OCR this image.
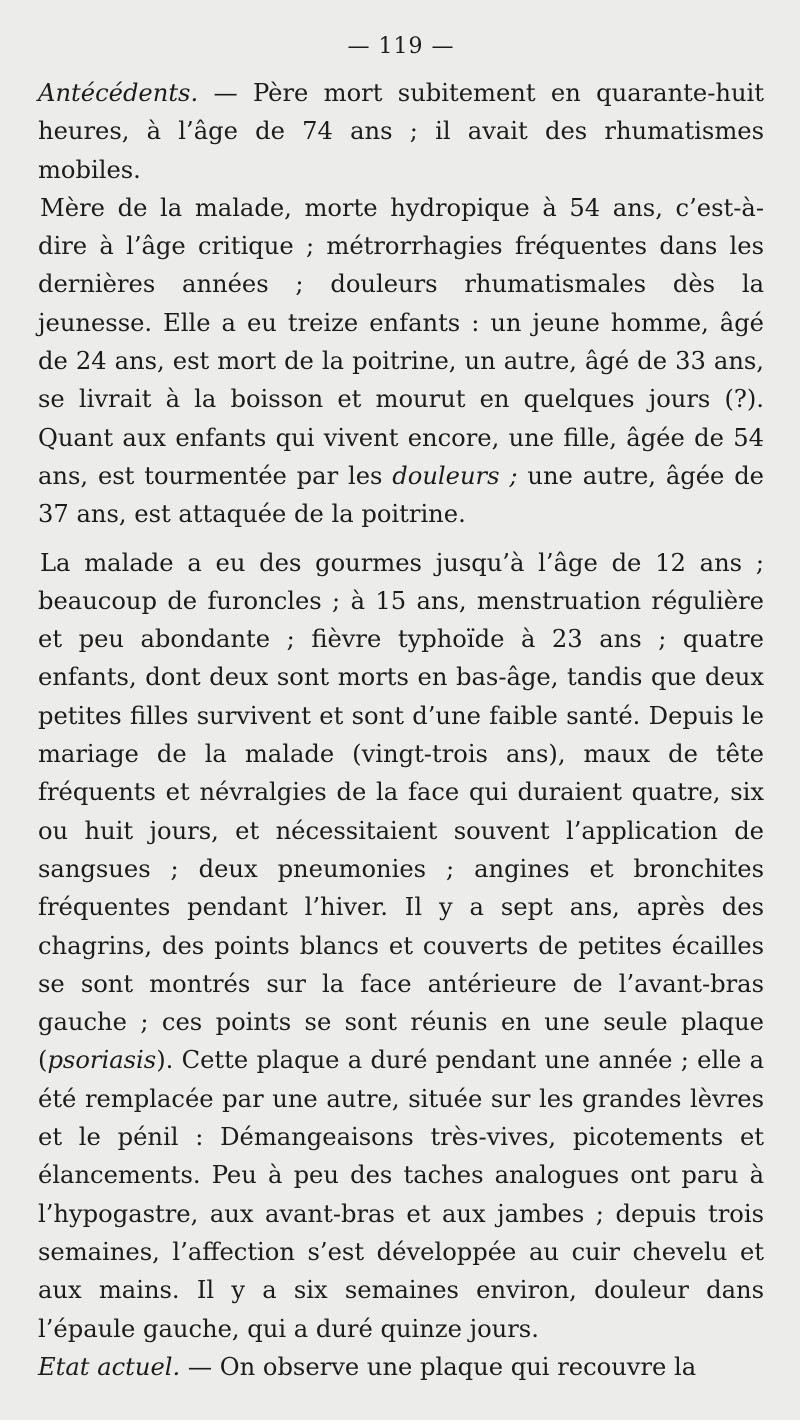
— 119 —

Antécédents. — Père mort subitement en quarante-huit heures, à l’âge de 74 ans ; il avait des rhumatismes mobiles.

Mère de la malade, morte hydropique à 54 ans, c’est-à-dire à l’âge critique ; métrorrhagies fréquentes dans les dernières années ; douleurs rhumatismales dès la jeunesse. Elle a eu treize enfants : un jeune homme, âgé de 24 ans, est mort de la poitrine, un autre, âgé de 33 ans, se livrait à la boisson et mourut en quelques jours (?). Quant aux enfants qui vivent encore, une fille, âgée de 54 ans, est tourmentée par les douleurs ; une autre, âgée de 37 ans, est attaquée de la poitrine.

La malade a eu des gourmes jusqu’à l’âge de 12 ans ; beaucoup de furoncles ; à 15 ans, menstruation régulière et peu abondante ; fièvre typhoïde à 23 ans ; quatre enfants, dont deux sont morts en bas-âge, tandis que deux petites filles survivent et sont d’une faible santé. Depuis le mariage de la malade (vingt-trois ans), maux de tête fréquents et névralgies de la face qui duraient quatre, six ou huit jours, et nécessitaient souvent l’application de sangsues ; deux pneumonies ; angines et bronchites fréquentes pendant l’hiver. Il y a sept ans, après des chagrins, des points blancs et couverts de petites écailles se sont montrés sur la face antérieure de l’avant-bras gauche ; ces points se sont réunis en une seule plaque (psoriasis). Cette plaque a duré pendant une année ; elle a été remplacée par une autre, située sur les grandes lèvres et le pénil : Démangeaisons très-vives, picotements et élancements. Peu à peu des taches analogues ont paru à l’hypogastre, aux avant-bras et aux jambes ; depuis trois semaines, l’affection s’est développée au cuir chevelu et aux mains. Il y a six semaines environ, douleur dans l’épaule gauche, qui a duré quinze jours.

Etat actuel. — On observe une plaque qui recouvre la
